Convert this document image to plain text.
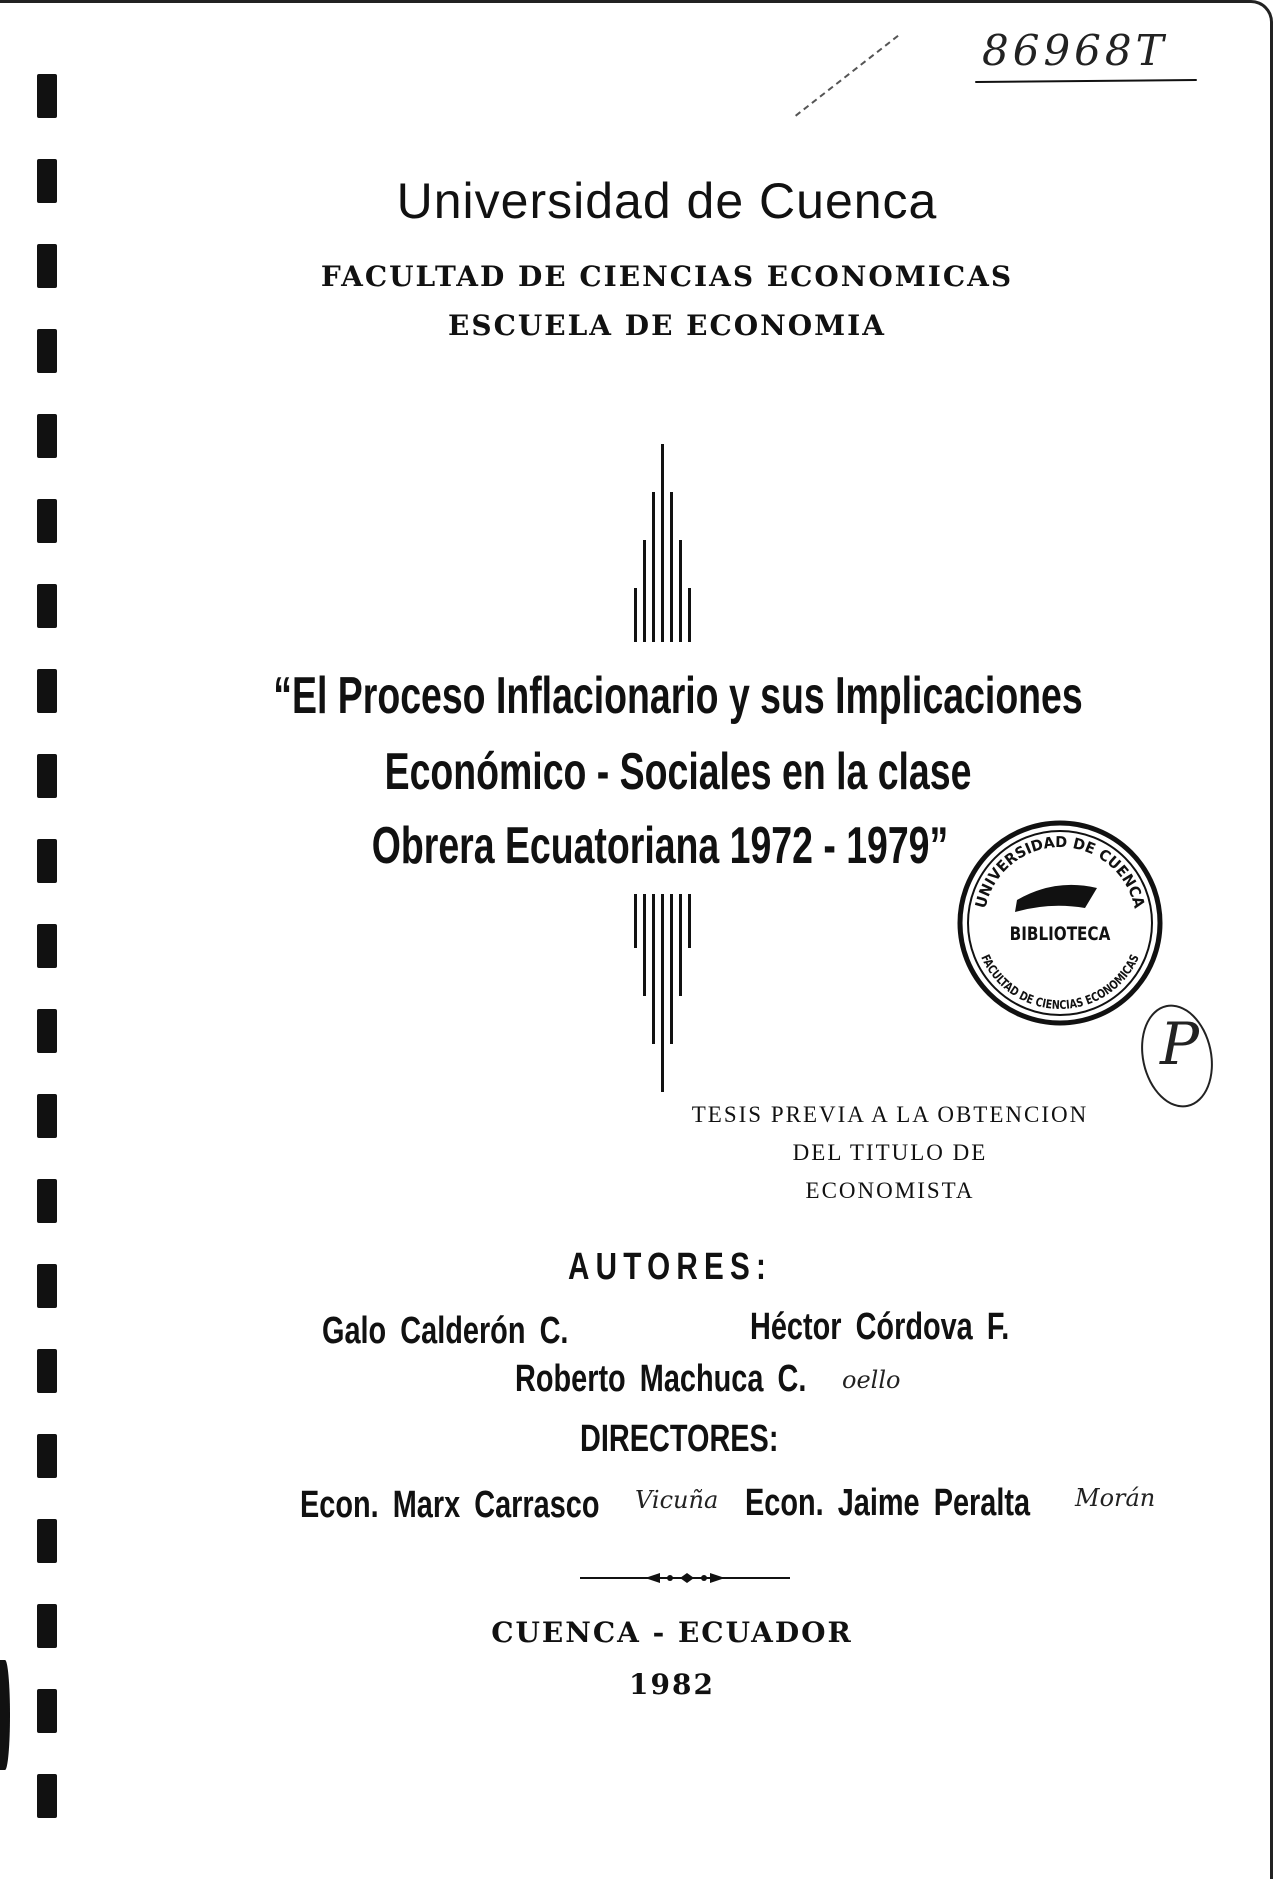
86968T
Universidad de Cuenca
FACULTAD DE CIENCIAS ECONOMICAS
ESCUELA DE ECONOMIA
“El Proceso Inflacionario y sus Implicaciones
Económico - Sociales en la clase
Obrera Ecuatoriana 1972 - 1979”
UNIVERSIDAD DE CUENCA
FACULTAD DE CIENCIAS ECONOMICAS
BIBLIOTECA
P
TESIS PREVIA A LA OBTENCION
DEL TITULO DE
ECONOMISTA
AUTORES:
Galo Calderón C.	Héctor Córdova F.
Roberto Machuca C. oello
DIRECTORES:
Econ. Marx Carrasco Vicuña Econ. Jaime Peralta Morán
CUENCA - ECUADOR
1982
